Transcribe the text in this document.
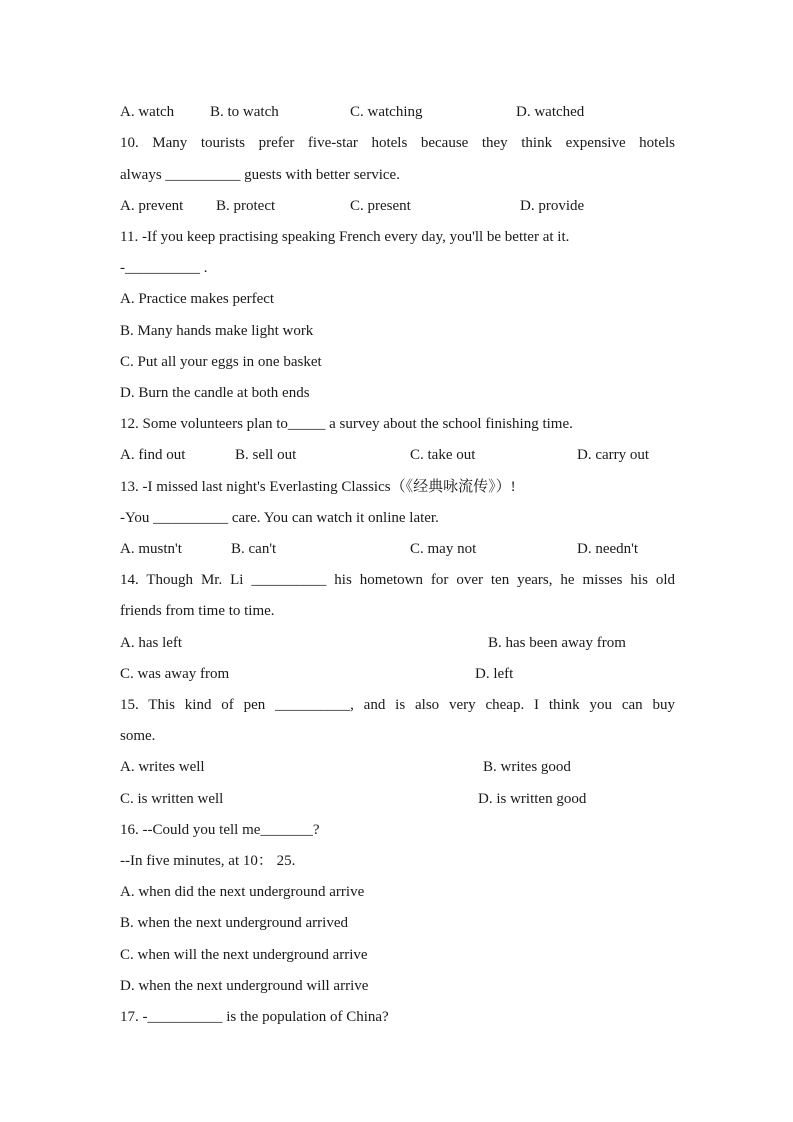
A. watch B. to watch	C. watching	D. watched
10. Many tourists prefer five-star hotels because they think expensive hotels
always __________ guests with better service.
A. prevent B. protect	C. present	D. provide
11. -If you keep practising speaking French every day, you'll be better at it.
-__________ .
A. Practice makes perfect
B. Many hands make light work
C. Put all your eggs in one basket
D. Burn the candle at both ends
12. Some volunteers plan to_____ a survey about the school finishing time.
A. find out	B. sell out	C. take out	D. carry out
13. -I missed last night's Everlasting Classics（《经典咏流传》）!
-You __________ care. You can watch it online later.
A. mustn't	B. can't	C. may not	D. needn't
14. Though Mr. Li __________ his hometown for over ten years, he misses his old
friends from time to time.
A. has left	B. has been away from
C. was away from	D. left
15. This kind of pen __________, and is also very cheap. I think you can buy
some.
A. writes well	B. writes good
C. is written well	D. is written good
16. --Could you tell me_______?
--In five minutes, at 10： 25.
A. when did the next underground arrive
B. when the next underground arrived
C. when will the next underground arrive
D. when the next underground will arrive
17. -__________ is the population of China?
